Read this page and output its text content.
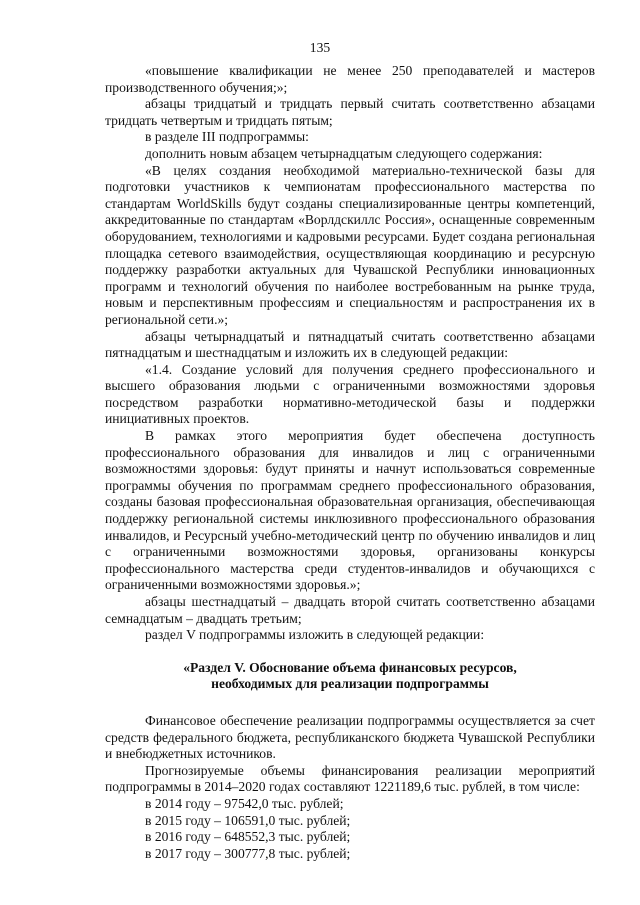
135

«повышение квалификации не менее 250 преподавателей и мастеров производственного обучения;»;

абзацы тридцатый и тридцать первый считать соответственно абзацами тридцать четвертым и тридцать пятым;

в разделе III подпрограммы:

дополнить новым абзацем четырнадцатым следующего содержания:

«В целях создания необходимой материально-технической базы для подготовки участников к чемпионатам профессионального мастерства по стандартам WorldSkills будут созданы специализированные центры компетенций, аккредитованные по стандартам «Ворлдскиллс Россия», оснащенные современным оборудованием, технологиями и кадровыми ресурсами. Будет создана региональная площадка сетевого взаимодействия, осуществляющая координацию и ресурсную поддержку разработки актуальных для Чувашской Республики инновационных программ и технологий обучения по наиболее востребованным на рынке труда, новым и перспективным профессиям и специальностям и распространения их в региональной сети.»;

абзацы четырнадцатый и пятнадцатый считать соответственно абзацами пятнадцатым и шестнадцатым и изложить их в следующей редакции:

«1.4. Создание условий для получения среднего профессионального и высшего образования людьми с ограниченными возможностями здоровья посредством разработки нормативно-методической базы и поддержки инициативных проектов.

В рамках этого мероприятия будет обеспечена доступность профессионального образования для инвалидов и лиц с ограниченными возможностями здоровья: будут приняты и начнут использоваться современные программы обучения по программам среднего профессионального образования, созданы базовая профессиональная образовательная организация, обеспечивающая поддержку региональной системы инклюзивного профессионального образования инвалидов, и Ресурсный учебно-методический центр по обучению инвалидов и лиц с ограниченными возможностями здоровья, организованы конкурсы профессионального мастерства среди студентов-инвалидов и обучающихся с ограниченными возможностями здоровья.»;

абзацы шестнадцатый – двадцать второй считать соответственно абзацами семнадцатым – двадцать третьим;

раздел V подпрограммы изложить в следующей редакции:

«Раздел V. Обоснование объема финансовых ресурсов,
необходимых для реализации подпрограммы

Финансовое обеспечение реализации подпрограммы осуществляется за счет средств федерального бюджета, республиканского бюджета Чувашской Республики и внебюджетных источников.

Прогнозируемые объемы финансирования реализации мероприятий подпрограммы в 2014–2020 годах составляют 1221189,6 тыс. рублей, в том числе:

в 2014 году – 97542,0 тыс. рублей;

в 2015 году – 106591,0 тыс. рублей;

в 2016 году – 648552,3 тыс. рублей;

в 2017 году – 300777,8 тыс. рублей;
